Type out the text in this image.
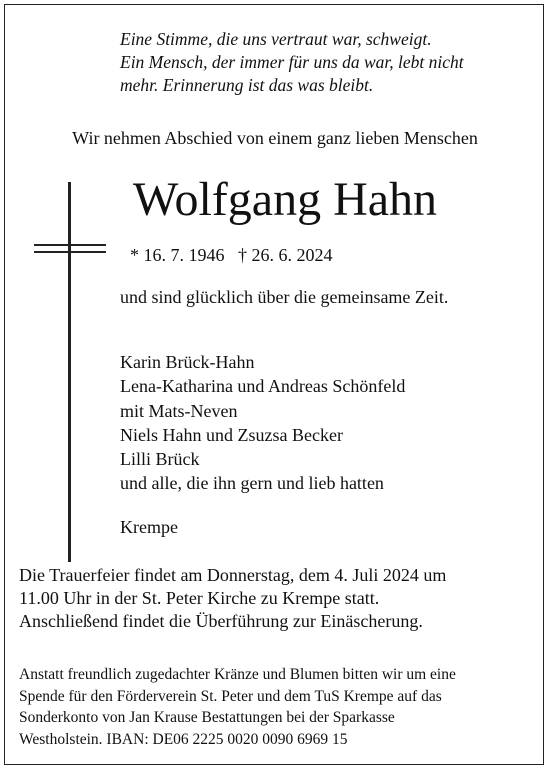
Eine Stimme, die uns vertraut war, schweigt.
Ein Mensch, der immer für uns da war, lebt nicht
mehr. Erinnerung ist das was bleibt.
Wir nehmen Abschied von einem ganz lieben Menschen
Wolfgang Hahn
* 16. 7. 1946 † 26. 6. 2024
und sind glücklich über die gemeinsame Zeit.
Karin Brück-Hahn
Lena-Katharina und Andreas Schönfeld
mit Mats-Neven
Niels Hahn und Zsuzsa Becker
Lilli Brück
und alle, die ihn gern und lieb hatten
Krempe
Die Trauerfeier findet am Donnerstag, dem 4. Juli 2024 um
11.00 Uhr in der St. Peter Kirche zu Krempe statt.
Anschließend findet die Überführung zur Einäscherung.
Anstatt freundlich zugedachter Kränze und Blumen bitten wir um eine
Spende für den Förderverein St. Peter und dem TuS Krempe auf das
Sonderkonto von Jan Krause Bestattungen bei der Sparkasse
Westholstein. IBAN: DE06 2225 0020 0090 6969 15
